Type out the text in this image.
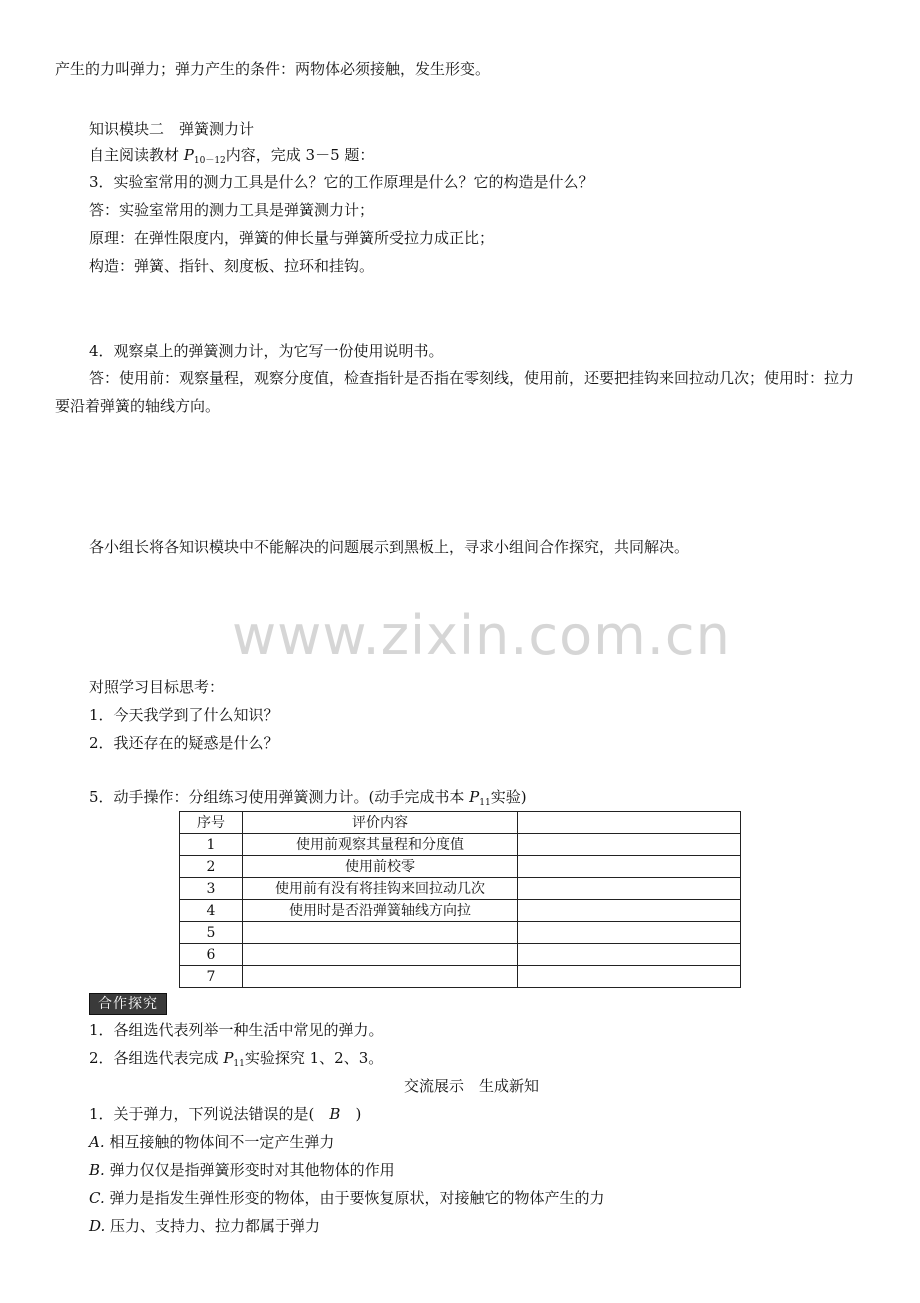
产生的力叫弹力；弹力产生的条件：两物体必须接触，发生形变。
知识模块二　弹簧测力计
自主阅读教材 $P_{10-12}$内容，完成 3－5 题：
3．实验室常用的测力工具是什么？它的工作原理是什么？它的构造是什么？
答：实验室常用的测力工具是弹簧测力计；
原理：在弹性限度内，弹簧的伸长量与弹簧所受拉力成正比；
构造：弹簧、指针、刻度板、拉环和挂钩。
4．观察桌上的弹簧测力计，为它写一份使用说明书。
答：使用前：观察量程，观察分度值，检查指针是否指在零刻线，使用前，还要把挂钩来回拉动几次；使用时：拉力要沿着弹簧的轴线方向。
各小组长将各知识模块中不能解决的问题展示到黑板上，寻求小组间合作探究，共同解决。
www.zixin.com.cn
对照学习目标思考：
1．今天我学到了什么知识？
2．我还存在的疑惑是什么？
5．动手操作：分组练习使用弹簧测力计。(动手完成书本 $P_{11}$实验)
序号	评价内容	
1	使用前观察其量程和分度值	
2	使用前校零	
3	使用前有没有将挂钩来回拉动几次	
4	使用时是否沿弹簧轴线方向拉	
5		
6		
7		
合作探究
1．各组选代表列举一种生活中常见的弹力。
2．各组选代表完成 $P_{11}$实验探究 1、2、3。
交流展示　生成新知
1．关于弹力，下列说法错误的是(　B　)
A. 相互接触的物体间不一定产生弹力
B. 弹力仅仅是指弹簧形变时对其他物体的作用
C. 弹力是指发生弹性形变的物体，由于要恢复原状，对接触它的物体产生的力
D. 压力、支持力、拉力都属于弹力
